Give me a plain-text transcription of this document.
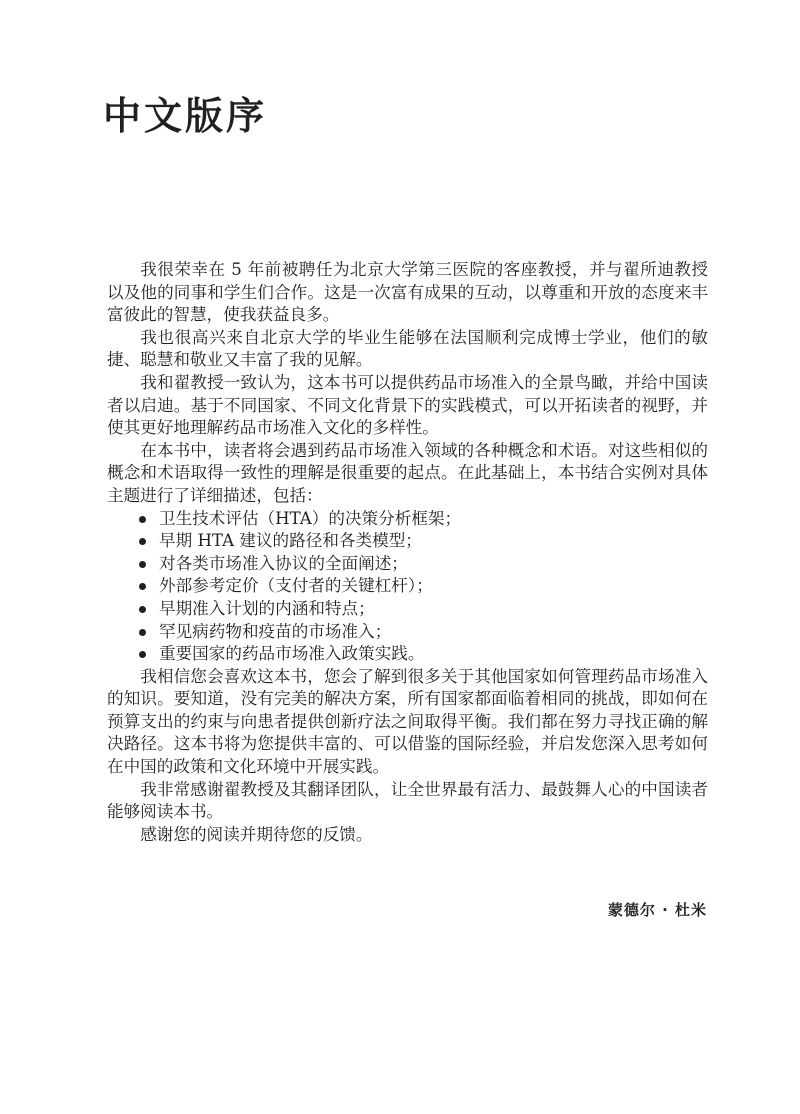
中文版序

我很荣幸在 5 年前被聘任为北京大学第三医院的客座教授，并与翟所迪教授以及他的同事和学生们合作。这是一次富有成果的互动，以尊重和开放的态度来丰富彼此的智慧，使我获益良多。

我也很高兴来自北京大学的毕业生能够在法国顺利完成博士学业，他们的敏捷、聪慧和敬业又丰富了我的见解。

我和翟教授一致认为，这本书可以提供药品市场准入的全景鸟瞰，并给中国读者以启迪。基于不同国家、不同文化背景下的实践模式，可以开拓读者的视野，并使其更好地理解药品市场准入文化的多样性。

在本书中，读者将会遇到药品市场准入领域的各种概念和术语。对这些相似的概念和术语取得一致性的理解是很重要的起点。在此基础上，本书结合实例对具体主题进行了详细描述，包括：

卫生技术评估（HTA）的决策分析框架；
早期 HTA 建议的路径和各类模型；
对各类市场准入协议的全面阐述；
外部参考定价（支付者的关键杠杆）；
早期准入计划的内涵和特点；
罕见病药物和疫苗的市场准入；
重要国家的药品市场准入政策实践。

我相信您会喜欢这本书，您会了解到很多关于其他国家如何管理药品市场准入的知识。要知道，没有完美的解决方案，所有国家都面临着相同的挑战，即如何在预算支出的约束与向患者提供创新疗法之间取得平衡。我们都在努力寻找正确的解决路径。这本书将为您提供丰富的、可以借鉴的国际经验，并启发您深入思考如何在中国的政策和文化环境中开展实践。

我非常感谢翟教授及其翻译团队，让全世界最有活力、最鼓舞人心的中国读者能够阅读本书。

感谢您的阅读并期待您的反馈。

蒙德尔 · 杜米
